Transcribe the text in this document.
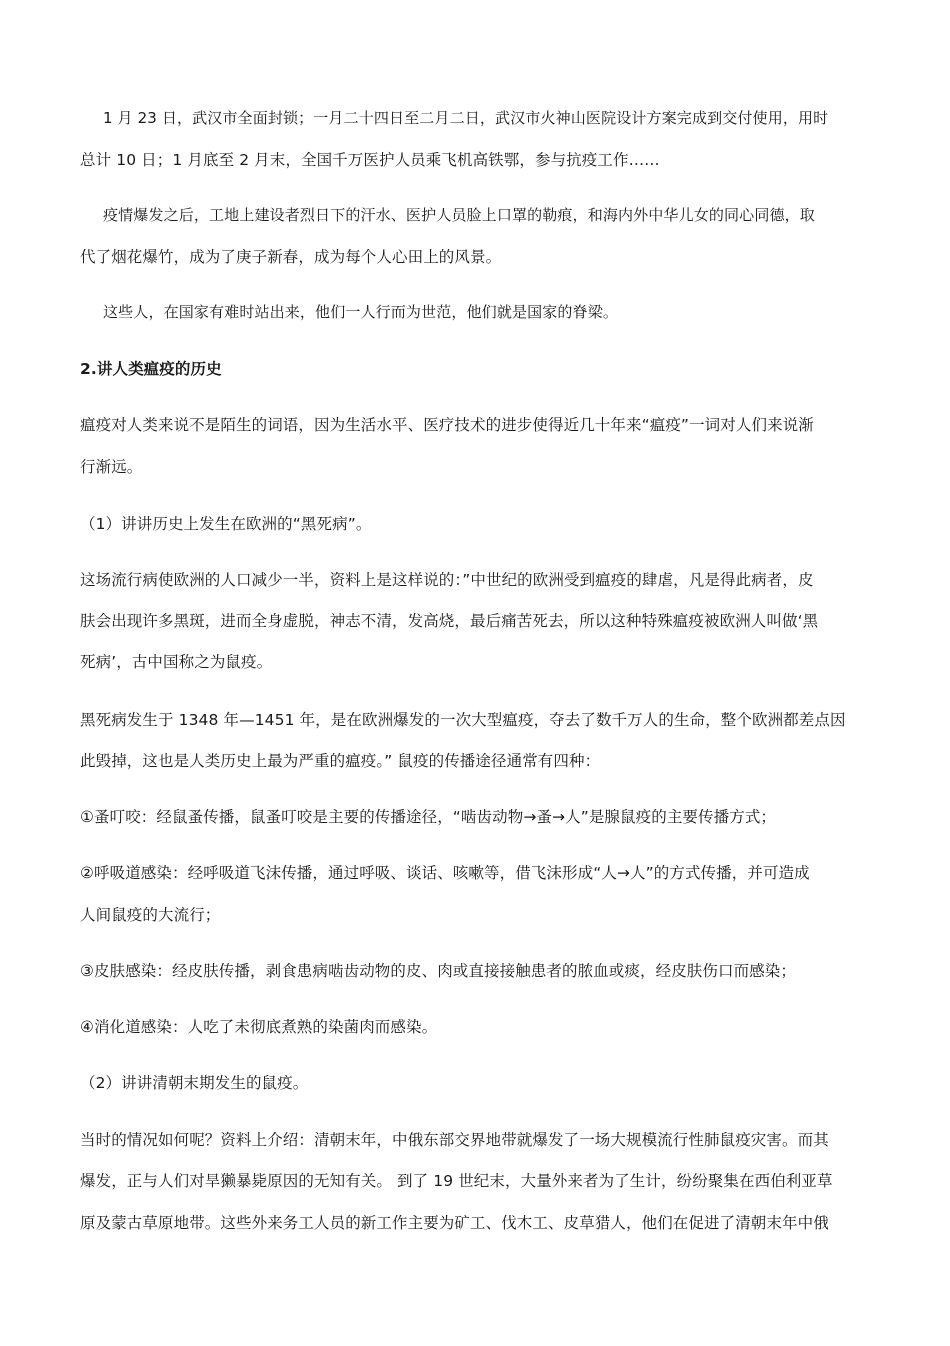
1 月 23 日，武汉市全面封锁；一月二十四日至二月二日，武汉市火神山医院设计方案完成到交付使用，用时
总计 10 日；1 月底至 2 月末，全国千万医护人员乘飞机高铁鄂，参与抗疫工作……
疫情爆发之后，工地上建设者烈日下的汗水、医护人员脸上口罩的勒痕，和海内外中华儿女的同心同德，取
代了烟花爆竹，成为了庚子新春，成为每个人心田上的风景。
这些人，在国家有难时站出来，他们一人行而为世范，他们就是国家的脊梁。
2.讲人类瘟疫的历史
瘟疫对人类来说不是陌生的词语，因为生活水平、医疗技术的进步使得近几十年来“瘟疫”一词对人们来说渐
行渐远。
（1）讲讲历史上发生在欧洲的“黑死病”。
这场流行病使欧洲的人口减少一半，资料上是这样说的：”中世纪的欧洲受到瘟疫的肆虐，凡是得此病者，皮
肤会出现许多黑斑，进而全身虚脱，神志不清，发高烧，最后痛苦死去，所以这种特殊瘟疫被欧洲人叫做‘黑
死病’，古中国称之为鼠疫。
黑死病发生于 1348 年—1451 年，是在欧洲爆发的一次大型瘟疫，夺去了数千万人的生命，整个欧洲都差点因
此毁掉，这也是人类历史上最为严重的瘟疫。” 鼠疫的传播途径通常有四种：
①蚤叮咬：经鼠蚤传播，鼠蚤叮咬是主要的传播途径，“啮齿动物→蚤→人”是腺鼠疫的主要传播方式；
②呼吸道感染：经呼吸道飞沫传播，通过呼吸、谈话、咳嗽等，借飞沫形成“人→人”的方式传播，并可造成
人间鼠疫的大流行；
③皮肤感染：经皮肤传播，剥食患病啮齿动物的皮、肉或直接接触患者的脓血或痰，经皮肤伤口而感染；
④消化道感染：人吃了未彻底煮熟的染菌肉而感染。
（2）讲讲清朝末期发生的鼠疫。
当时的情况如何呢？资料上介绍：清朝末年，中俄东部交界地带就爆发了一场大规模流行性肺鼠疫灾害。而其
爆发，正与人们对旱獭暴毙原因的无知有关。 到了 19 世纪末，大量外来者为了生计，纷纷聚集在西伯利亚草
原及蒙古草原地带。这些外来务工人员的新工作主要为矿工、伐木工、皮草猎人，他们在促进了清朝末年中俄
